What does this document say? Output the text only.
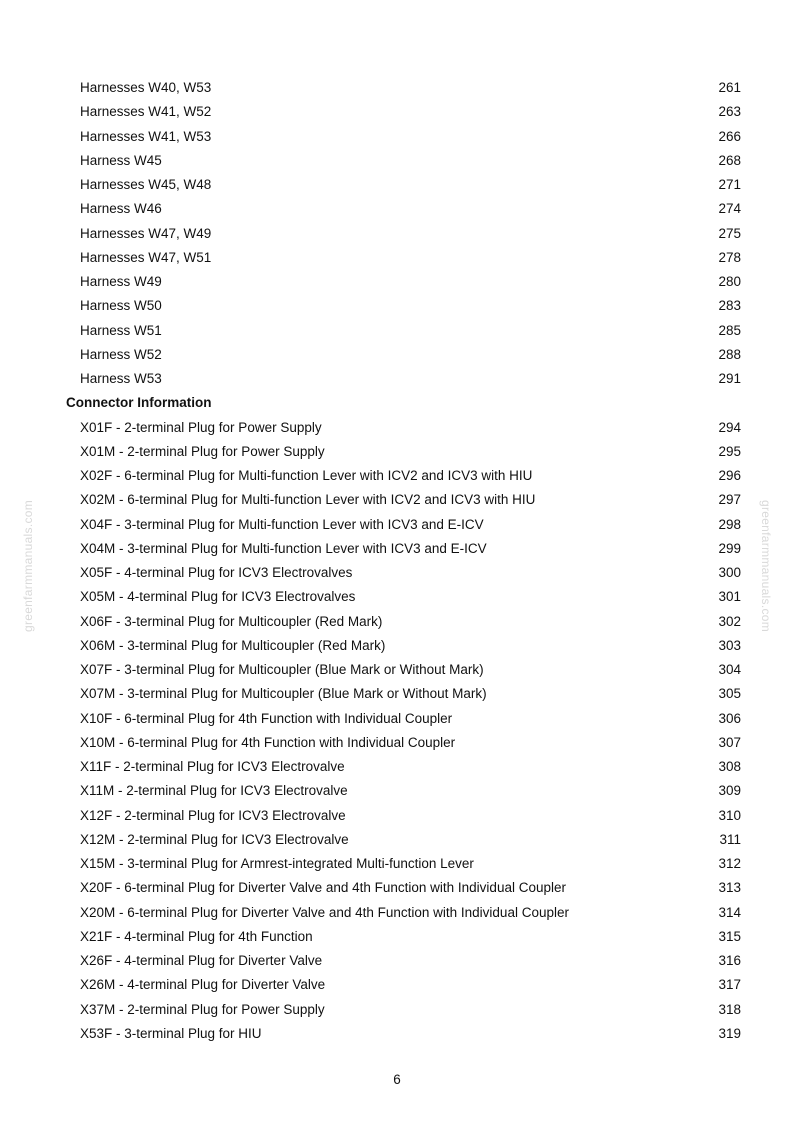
greenfarmmanuals.com	greenfarmmanuals.com
Harnesses W40, W53	261
Harnesses W41, W52	263
Harnesses W41, W53	266
Harness W45	268
Harnesses W45, W48	271
Harness W46	274
Harnesses W47, W49	275
Harnesses W47, W51	278
Harness W49	280
Harness W50	283
Harness W51	285
Harness W52	288
Harness W53	291
Connector Information
X01F - 2-terminal Plug for Power Supply	294
X01M - 2-terminal Plug for Power Supply	295
X02F - 6-terminal Plug for Multi-function Lever with ICV2 and ICV3 with HIU	296
X02M - 6-terminal Plug for Multi-function Lever with ICV2 and ICV3 with HIU	297
X04F - 3-terminal Plug for Multi-function Lever with ICV3 and E-ICV	298
X04M - 3-terminal Plug for Multi-function Lever with ICV3 and E-ICV	299
X05F - 4-terminal Plug for ICV3 Electrovalves	300
X05M - 4-terminal Plug for ICV3 Electrovalves	301
X06F - 3-terminal Plug for Multicoupler (Red Mark)	302
X06M - 3-terminal Plug for Multicoupler (Red Mark)	303
X07F - 3-terminal Plug for Multicoupler (Blue Mark or Without Mark)	304
X07M - 3-terminal Plug for Multicoupler (Blue Mark or Without Mark)	305
X10F - 6-terminal Plug for 4th Function with Individual Coupler	306
X10M - 6-terminal Plug for 4th Function with Individual Coupler	307
X11F - 2-terminal Plug for ICV3 Electrovalve	308
X11M - 2-terminal Plug for ICV3 Electrovalve	309
X12F - 2-terminal Plug for ICV3 Electrovalve	310
X12M - 2-terminal Plug for ICV3 Electrovalve	311
X15M - 3-terminal Plug for Armrest-integrated Multi-function Lever	312
X20F - 6-terminal Plug for Diverter Valve and 4th Function with Individual Coupler	313
X20M - 6-terminal Plug for Diverter Valve and 4th Function with Individual Coupler	314
X21F - 4-terminal Plug for 4th Function	315
X26F - 4-terminal Plug for Diverter Valve	316
X26M - 4-terminal Plug for Diverter Valve	317
X37M - 2-terminal Plug for Power Supply	318
X53F - 3-terminal Plug for HIU	319
6
